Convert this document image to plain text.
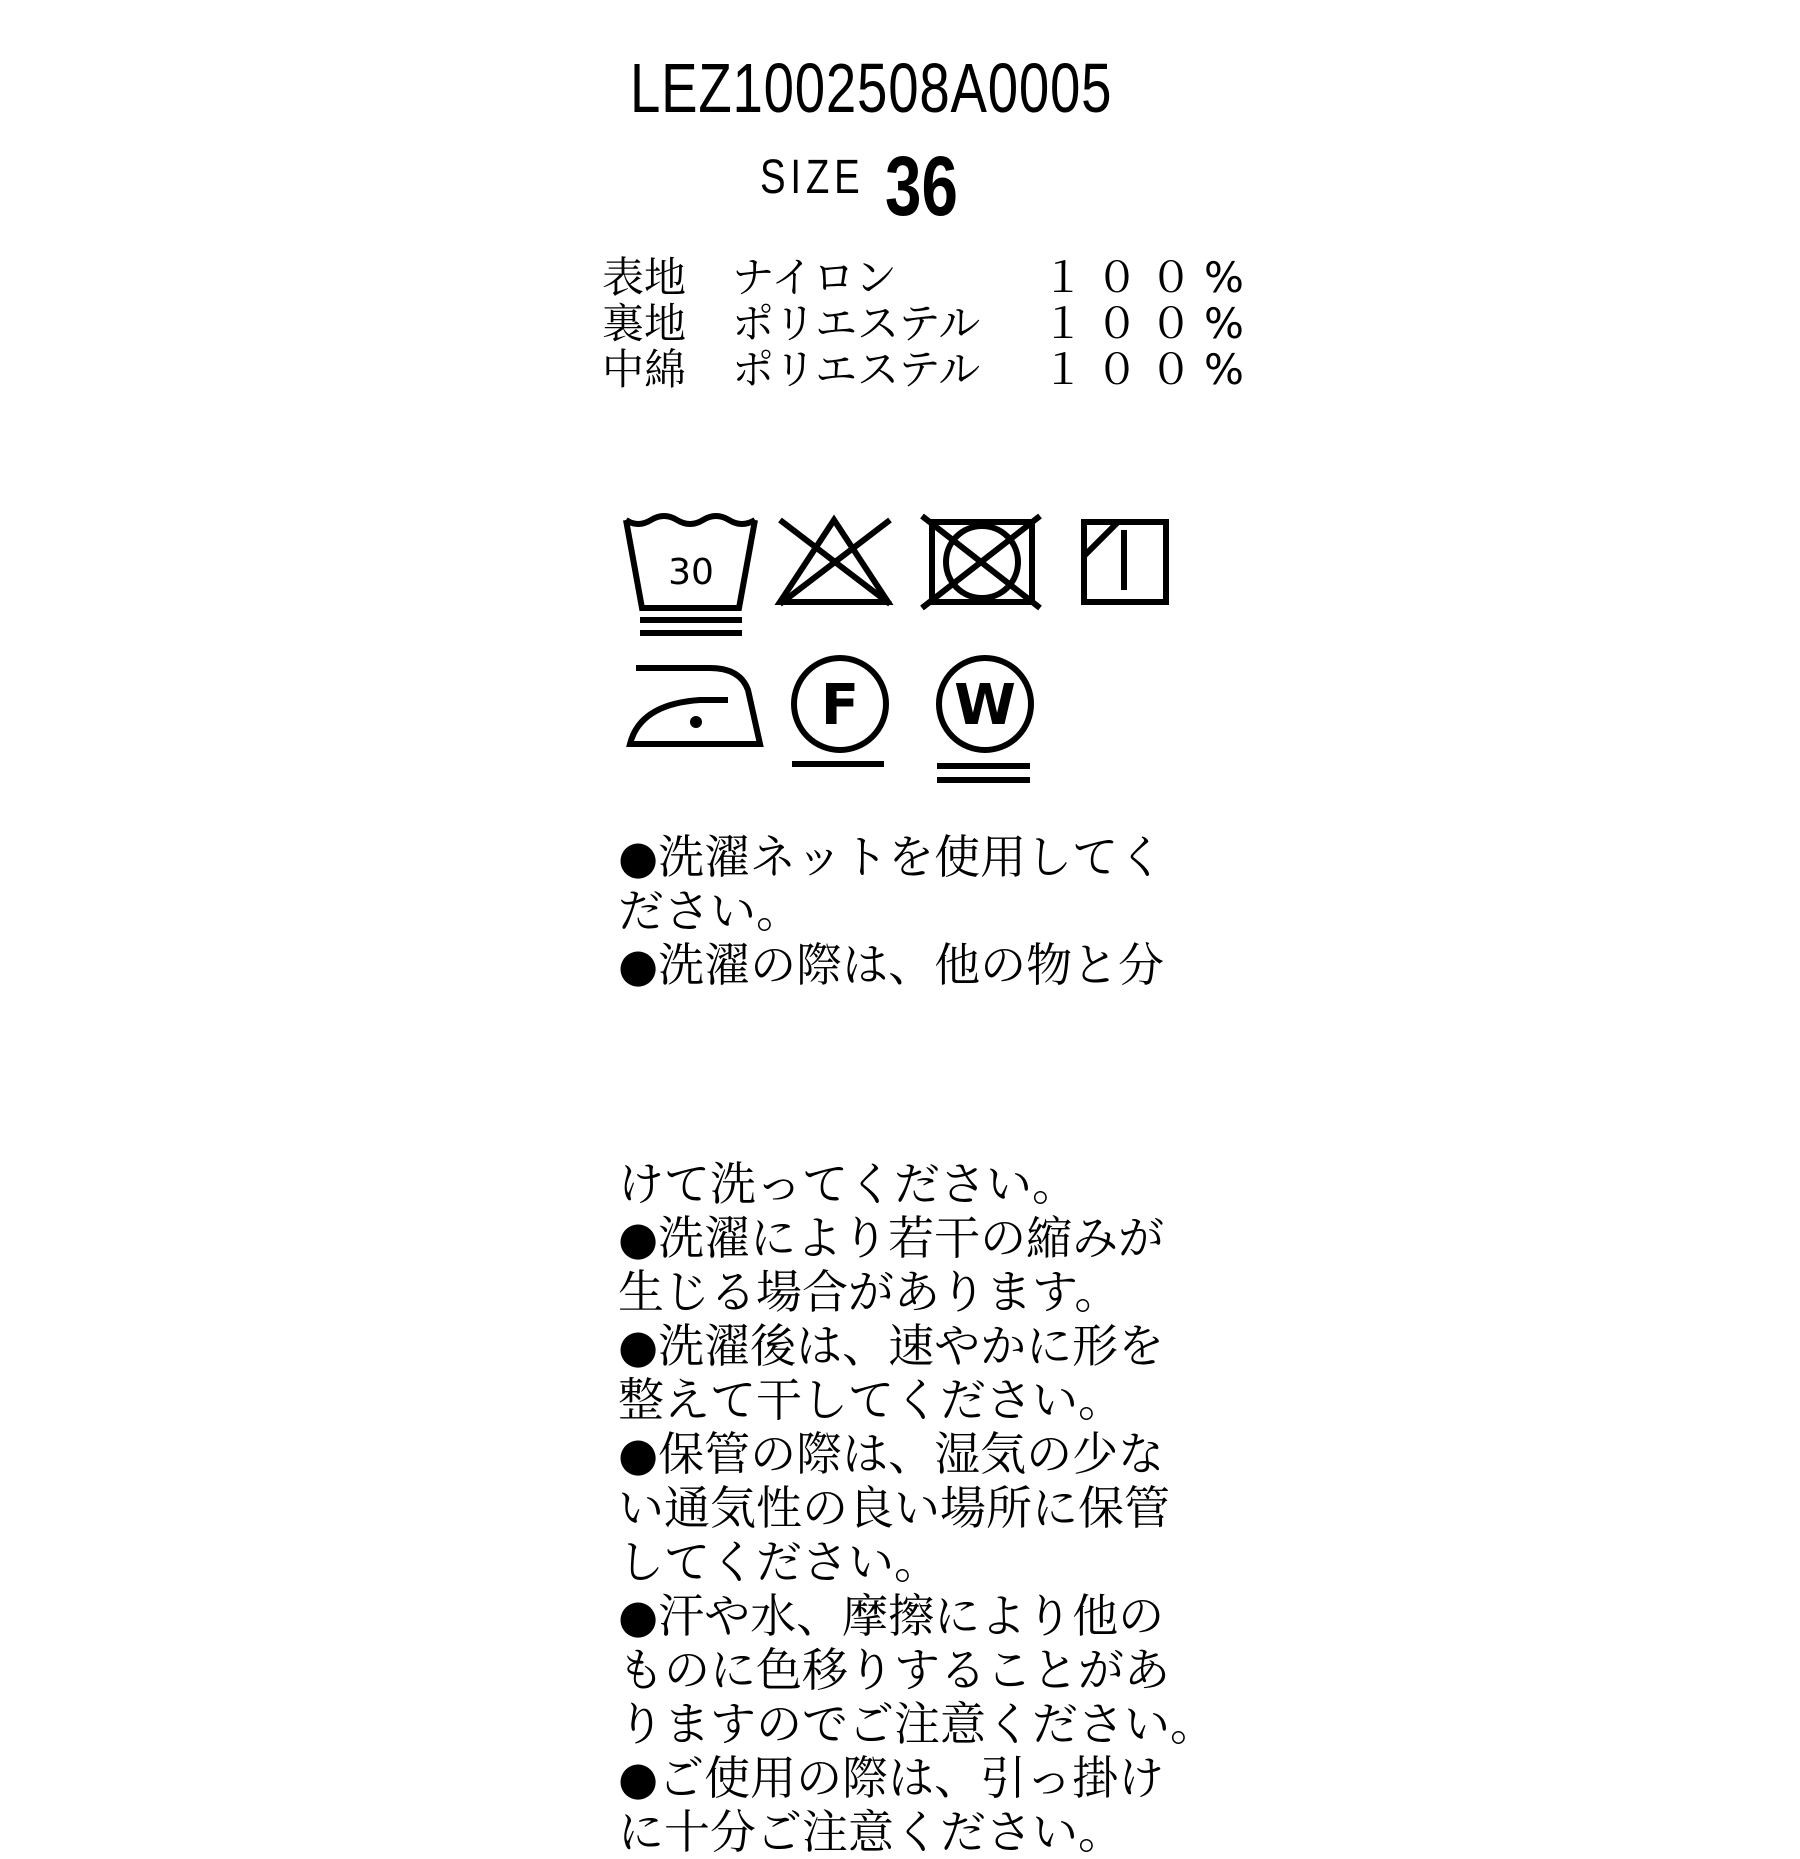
LEZ1002508A0005
SIZE 36
表地 ナイロン	１００%
裏地 ポリエステル １００%
中綿 ポリエステル １００%
30
F W
●洗濯ネットを使用してく
ださい。
●洗濯の際は、他の物と分
けて洗ってください。
●洗濯により若干の縮みが
生じる場合があります。
●洗濯後は、速やかに形を
整えて干してください。
●保管の際は、湿気の少な
い通気性の良い場所に保管
してください。
●汗や水、摩擦により他の
ものに色移りすることがあ
りますのでご注意ください。
●ご使用の際は、引っ掛け
に十分ご注意ください。
